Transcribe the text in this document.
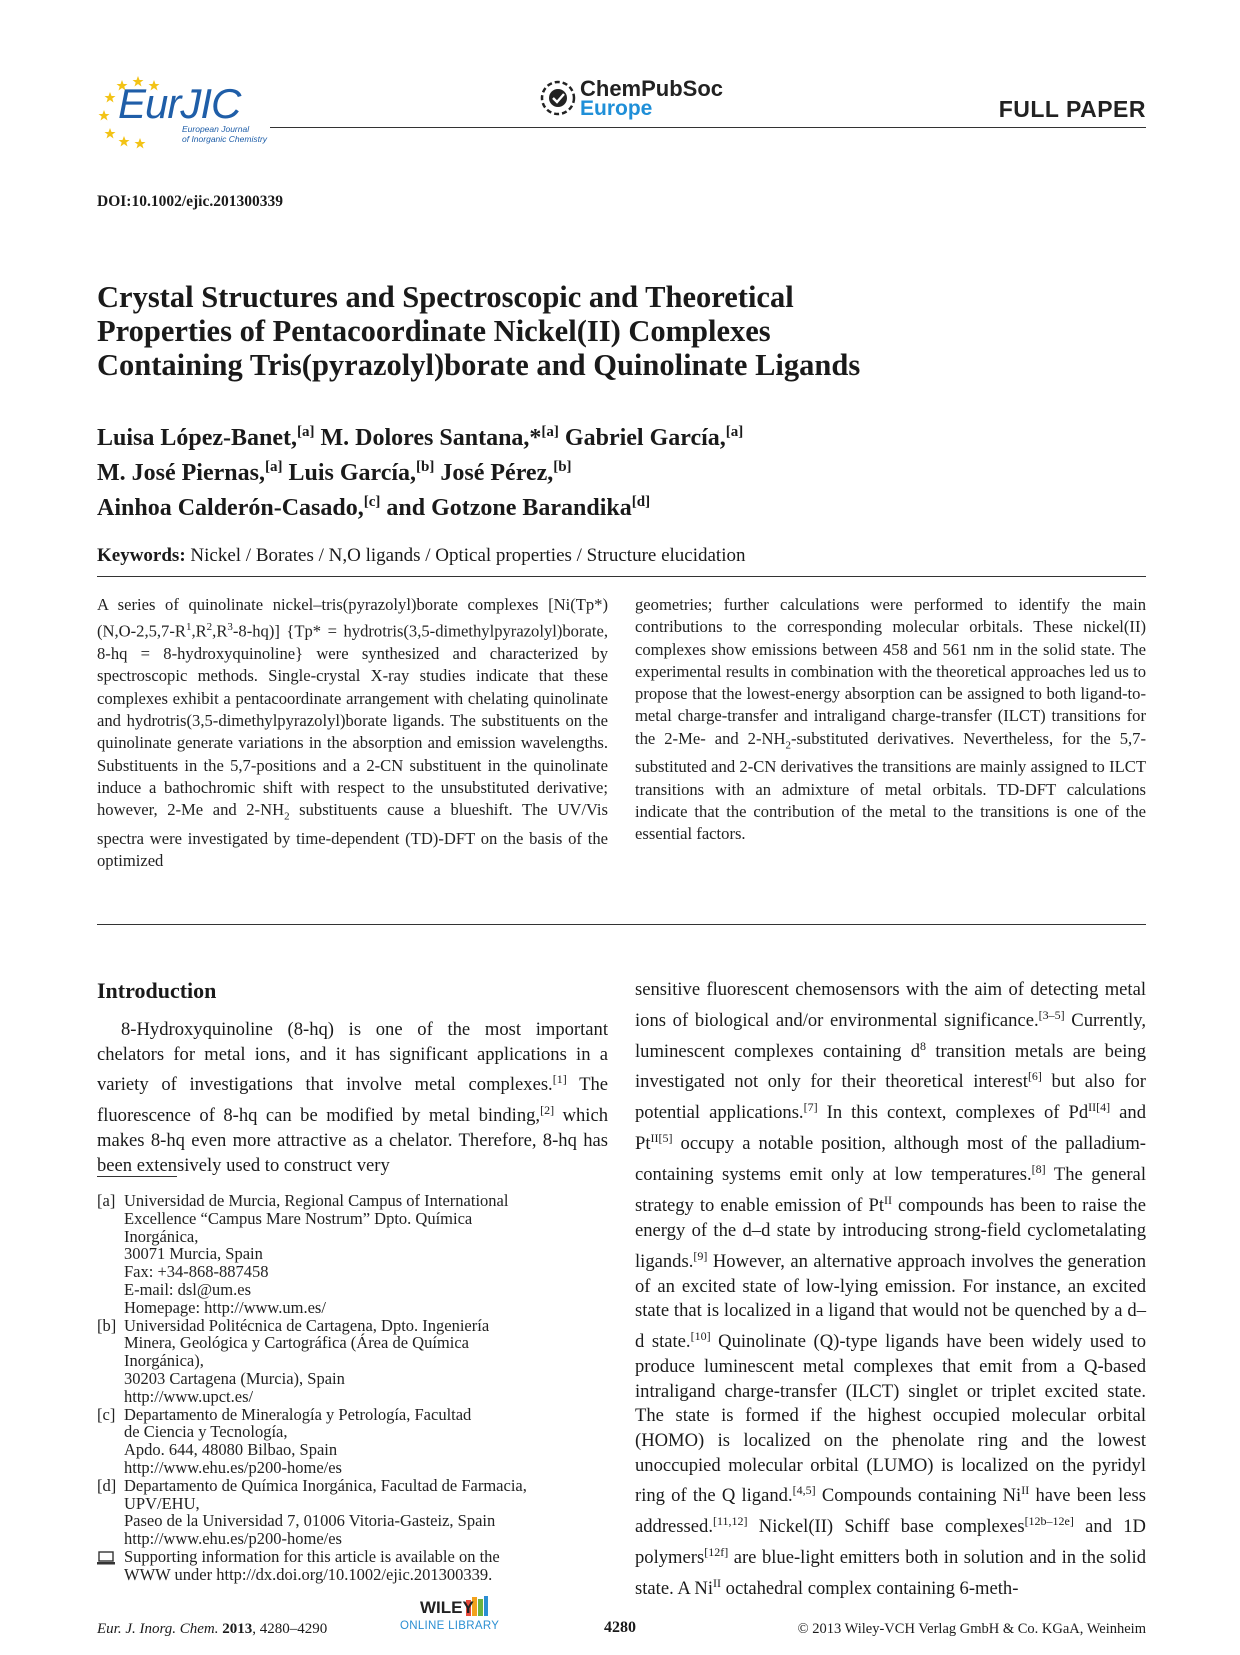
EurJIC
European Journal
of Inorganic Chemistry
ChemPubSoc
Europe	FULL PAPER
DOI:10.1002/ejic.201300339
Crystal Structures and Spectroscopic and Theoretical
Properties of Pentacoordinate Nickel(II) Complexes
Containing Tris(pyrazolyl)borate and Quinolinate Ligands
Luisa López-Banet,[a] M. Dolores Santana,*[a] Gabriel García,[a]
M. José Piernas,[a] Luis García,[b] José Pérez,[b]
Ainhoa Calderón-Casado,[c] and Gotzone Barandika[d]
Keywords: Nickel / Borates / N,O ligands / Optical properties / Structure elucidation
A series of quinolinate nickel–tris(pyrazolyl)borate complexes $[Ni(Tp*)(N,O-2,5,7-R^1,R^2,R^3-8-hq)] \{Tp*$ = hydrotris(3,5-dimethylpyrazolyl)borate, 8-hq = 8-hydroxyquinoline} were synthesized and characterized by spectroscopic methods. Single-crystal X-ray studies indicate that these complexes exhibit a pentacoordinate arrangement with chelating quinolinate and hydrotris(3,5-dimethylpyrazolyl)borate ligands. The substituents on the quinolinate generate variations in the absorption and emission wavelengths. Substituents in the 5,7-positions and a 2-CN substituent in the quinolinate induce a bathochromic shift with respect to the unsubstituted derivative; however, 2-Me and $2-NH_2$ substituents cause a blueshift. The UV/Vis spectra were investigated by time-dependent (TD)-DFT on the basis of the optimized
geometries; further calculations were performed to identify the main contributions to the corresponding molecular orbitals. These nickel(II) complexes show emissions between 458 and 561 nm in the solid state. The experimental results in combination with the theoretical approaches led us to propose that the lowest-energy absorption can be assigned to both ligand-to-metal charge-transfer and intraligand charge-transfer (ILCT) transitions for the 2-Me- and $2-NH_2$-substituted derivatives. Nevertheless, for the 5,7-substituted and 2-CN derivatives the transitions are mainly assigned to ILCT transitions with an admixture of metal orbitals. TD-DFT calculations indicate that the contribution of the metal to the transitions is one of the essential factors.
Introduction
8-Hydroxyquinoline (8-hq) is one of the most important chelators for metal ions, and it has significant applications in a variety of investigations that involve metal complexes.[1] The fluorescence of 8-hq can be modified by metal binding,[2] which makes 8-hq even more attractive as a chelator. Therefore, 8-hq has been extensively used to construct very
sensitive fluorescent chemosensors with the aim of detecting metal ions of biological and/or environmental significance.[3–5] Currently, luminescent complexes containing $d^8$ transition metals are being investigated not only for their theoretical interest[6] but also for potential applications.[7] In this context, complexes of $Pd^{II[4]}$ and $Pt^{II[5]}$ occupy a notable position, although most of the palladium-containing systems emit only at low temperatures.[8] The general strategy to enable emission of $Pt^{II}$ compounds has been to raise the energy of the d–d state by introducing strong-field cyclometalating ligands.[9] However, an alternative approach involves the generation of an excited state of low-lying emission. For instance, an excited state that is localized in a ligand that would not be quenched by a d–d state.[10] Quinolinate (Q)-type ligands have been widely used to produce luminescent metal complexes that emit from a Q-based intraligand charge-transfer (ILCT) singlet or triplet excited state. The state is formed if the highest occupied molecular orbital (HOMO) is localized on the phenolate ring and the lowest unoccupied molecular orbital (LUMO) is localized on the pyridyl ring of the Q ligand.[4,5] Compounds containing $Ni^{II}$ have been less addressed.[11,12] Nickel(II) Schiff base complexes[12b–12e] and 1D polymers[12f] are blue-light emitters both in solution and in the solid state. A $Ni^{II}$ octahedral complex containing 6-meth-
[a] Universidad de Murcia, Regional Campus of International
Excellence “Campus Mare Nostrum” Dpto. Química
Inorgánica,
30071 Murcia, Spain
Fax: +34-868-887458
E-mail: dsl@um.es
Homepage: http://www.um.es/
[b] Universidad Politécnica de Cartagena, Dpto. Ingeniería
Minera, Geológica y Cartográfica (Área de Química
Inorgánica),
30203 Cartagena (Murcia), Spain
http://www.upct.es/
[c] Departamento de Mineralogía y Petrología, Facultad
de Ciencia y Tecnología,
Apdo. 644, 48080 Bilbao, Spain
http://www.ehu.es/p200-home/es
[d] Departamento de Química Inorgánica, Facultad de Farmacia,
UPV/EHU,
Paseo de la Universidad 7, 01006 Vitoria-Gasteiz, Spain
http://www.ehu.es/p200-home/es
Supporting information for this article is available on the
WWW under http://dx.doi.org/10.1002/ejic.201300339.
Eur. J. Inorg. Chem. 2013, 4280–4290
WILEY
ONLINE LIBRARY	4280	© 2013 Wiley-VCH Verlag GmbH & Co. KGaA, Weinheim
